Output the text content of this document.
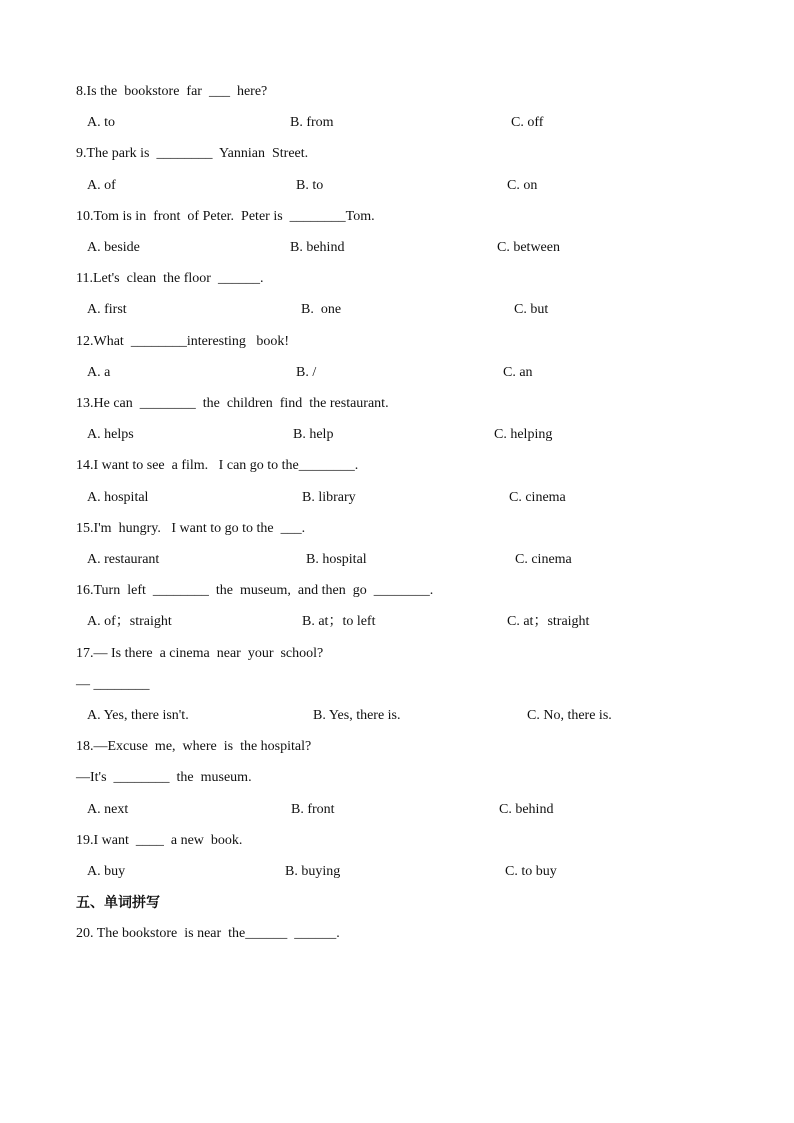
8.Is the  bookstore  far  ___  here?
A. to	B. from	C. off
9.The park is  ________  Yannian  Street.
A. of	B. to	C. on
10.Tom is in  front  of Peter.  Peter is  ________Tom.
A. beside	B. behind	C. between
11.Let's  clean  the floor  ______.
A. first	B.  one	C. but
12.What  ________interesting   book!
A. a	B. /	C. an
13.He can  ________  the  children  find  the restaurant.
A. helps	B. help	C. helping
14.I want to see  a film.   I can go to the________.
A. hospital	B. library	C. cinema
15.I'm  hungry.   I want to go to the  ___.
A. restaurant	B. hospital	C. cinema
16.Turn  left  ________  the  museum,  and then  go  ________.
A. of；straight	B. at；to left	C. at；straight
17.— Is there  a cinema  near  your  school?
— ________
A. Yes, there isn't.	B. Yes, there is.	C. No, there is.
18.—Excuse  me,  where  is  the hospital?
—It's  ________  the  museum.
A. next	B. front	C. behind
19.I want  ____  a new  book.
A. buy	B. buying	C. to buy
五、单词拼写
20. The bookstore  is near  the______  ______.
